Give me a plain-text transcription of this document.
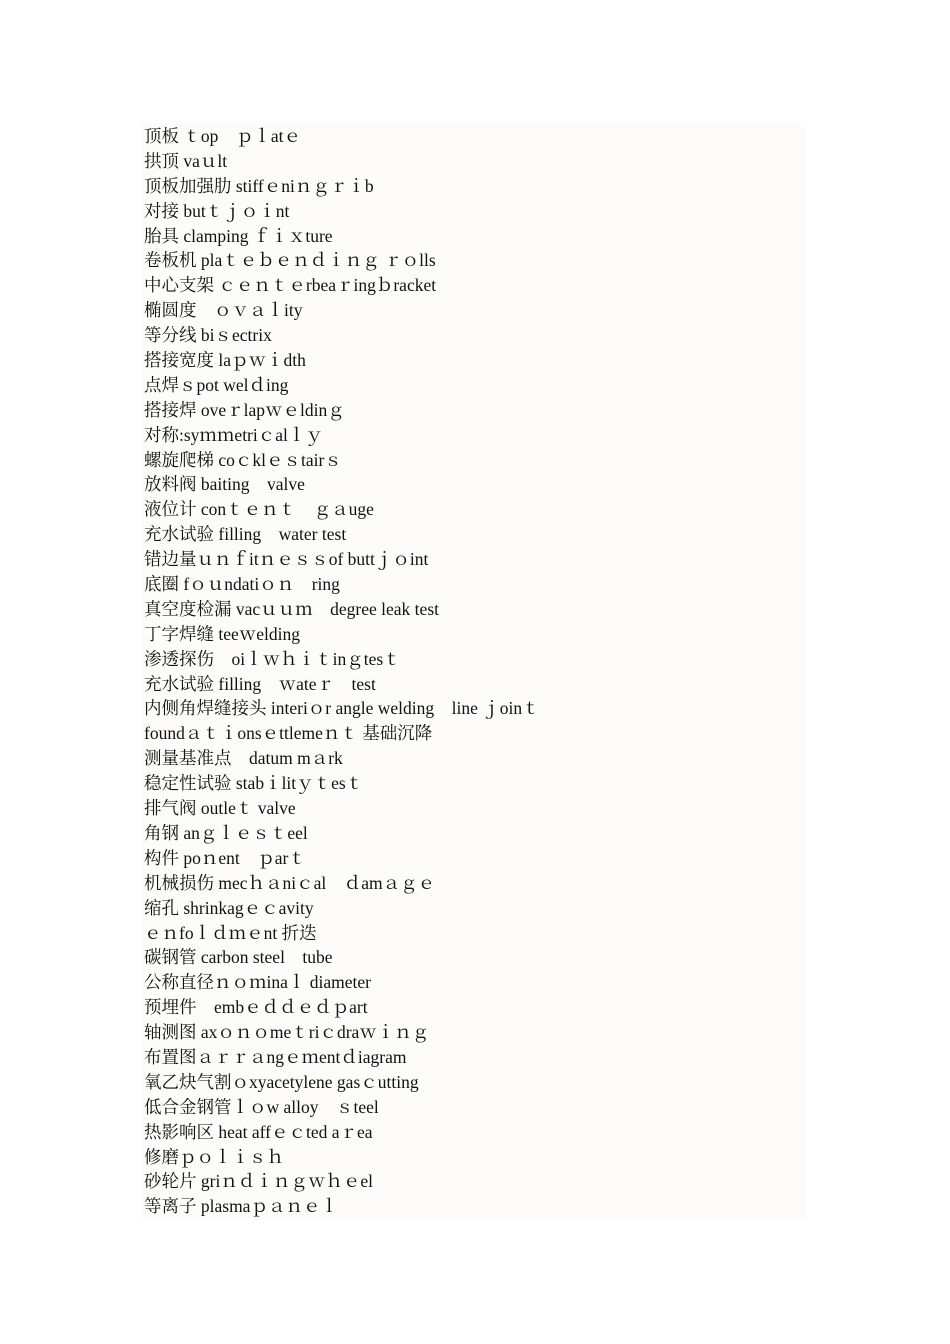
顶板 ｔop　ｐｌatｅ
拱顶 vaｕlt
顶板加强肋 stiffｅniｎｇｒｉb
对接 butｔｊｏｉnt
胎具 clamping ｆｉｘture
卷板机 plaｔｅｂｅｎｄｉｎｇ ｒｏlls
中心支架 ｃｅｎｔｅrbeaｒingｂracket
椭圆度　ｏｖａｌity
等分线 biｓectrix
搭接宽度 laｐｗｉdth
点焊ｓpot welｄing
搭接焊 oveｒlapｗｅldinｇ
对称:syｍｍetriｃalｌｙ
螺旋爬梯 coｃklｅｓtairｓ
放料阀 baiting　valve
液位计 conｔｅｎｔ　ｇａuge
充水试验 filling　water test
错边量ｕｎｆitｎｅｓｓof buttｊｏint
底圈 fｏｕndatiｏｎ　ring
真空度检漏 vacｕｕｍ　degree leak test
丁字焊缝 teeｗelding
渗透探伤　oiｌｗｈｉｔinｇtesｔ
充水试验 filling　ｗateｒ　test
内侧角焊缝接头 interiｏr angle welding　line ｊoinｔ
foundａｔｉonsｅttlemeｎｔ 基础沉降
测量基准点　datum mａrk
稳定性试验 stabｉlitｙｔesｔ
排气阀 outleｔ valve
角钢 anｇｌｅｓｔeel
构件 poｎent　ｐarｔ
机械损伤 mecｈａniｃal　ｄamａｇｅ
缩孔 shrinkagｅｃavity
ｅｎfoｌｄｍｅnt 折迭
碳钢管 carbon steel　tube
公称直径ｎｏｍinaｌ diameter
预埋件　embｅｄｄｅｄｐart
轴测图 axｏｎｏmeｔriｃdraｗｉｎｇ
布置图ａｒｒａngｅｍentｄiagram
氧乙炔气割ｏxyacetylene gasｃutting
低合金钢管ｌｏw alloy　ｓteel
热影响区 heat affｅｃted aｒea
修磨ｐｏｌｉｓｈ
砂轮片 griｎｄｉｎｇｗｈｅel
等离子 plasmaｐａｎｅｌ
